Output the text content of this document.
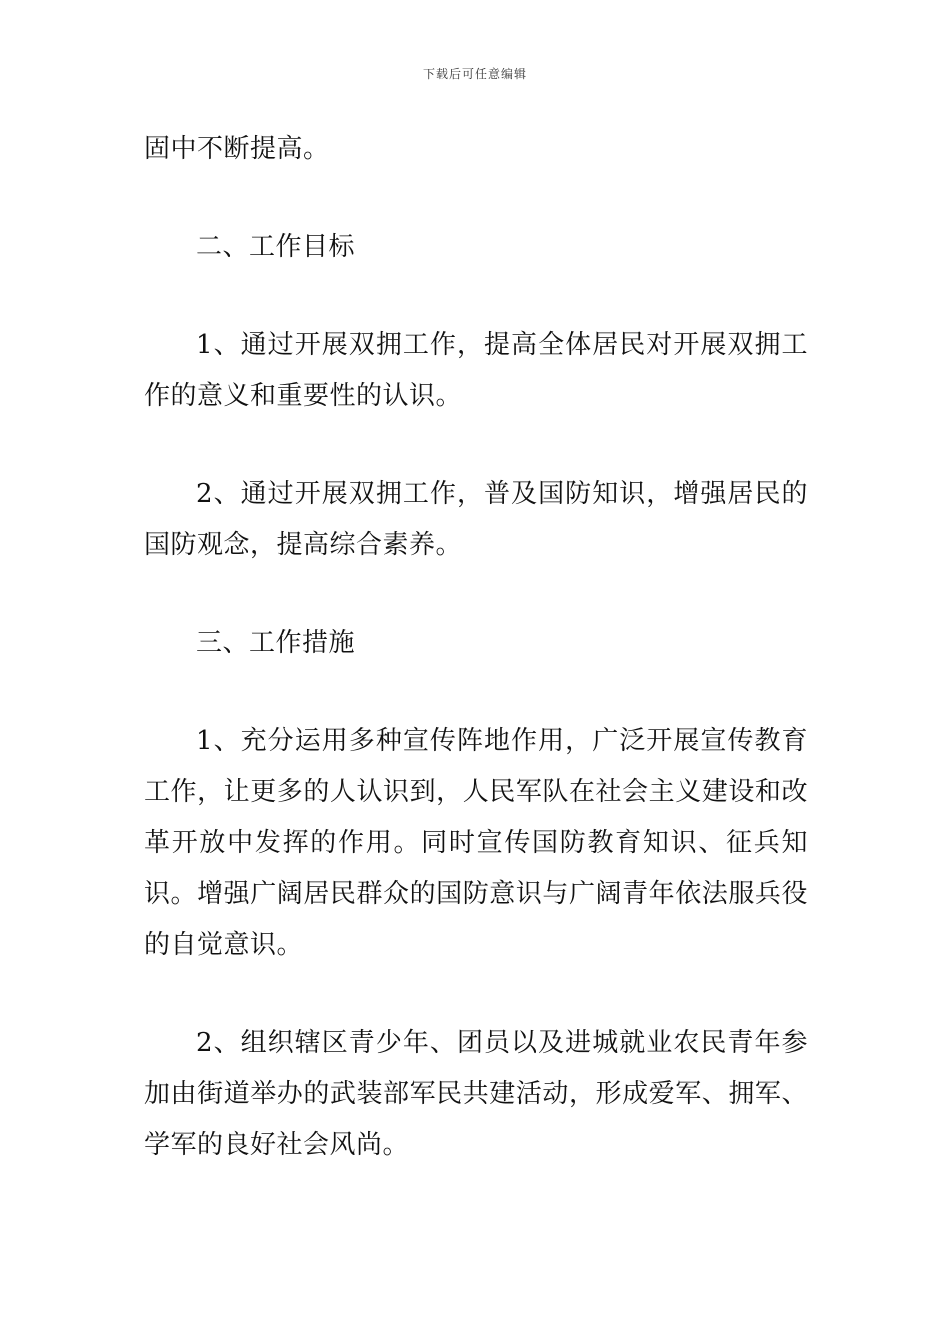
下载后可任意编辑

固中不断提高。

二、工作目标

1、通过开展双拥工作，提高全体居民对开展双拥工作的意义和重要性的认识。

2、通过开展双拥工作，普及国防知识，增强居民的国防观念，提高综合素养。

三、工作措施

1、充分运用多种宣传阵地作用，广泛开展宣传教育工作，让更多的人认识到，人民军队在社会主义建设和改革开放中发挥的作用。同时宣传国防教育知识、征兵知识。增强广阔居民群众的国防意识与广阔青年依法服兵役的自觉意识。

2、组织辖区青少年、团员以及进城就业农民青年参加由街道举办的武装部军民共建活动，形成爱军、拥军、学军的良好社会风尚。
